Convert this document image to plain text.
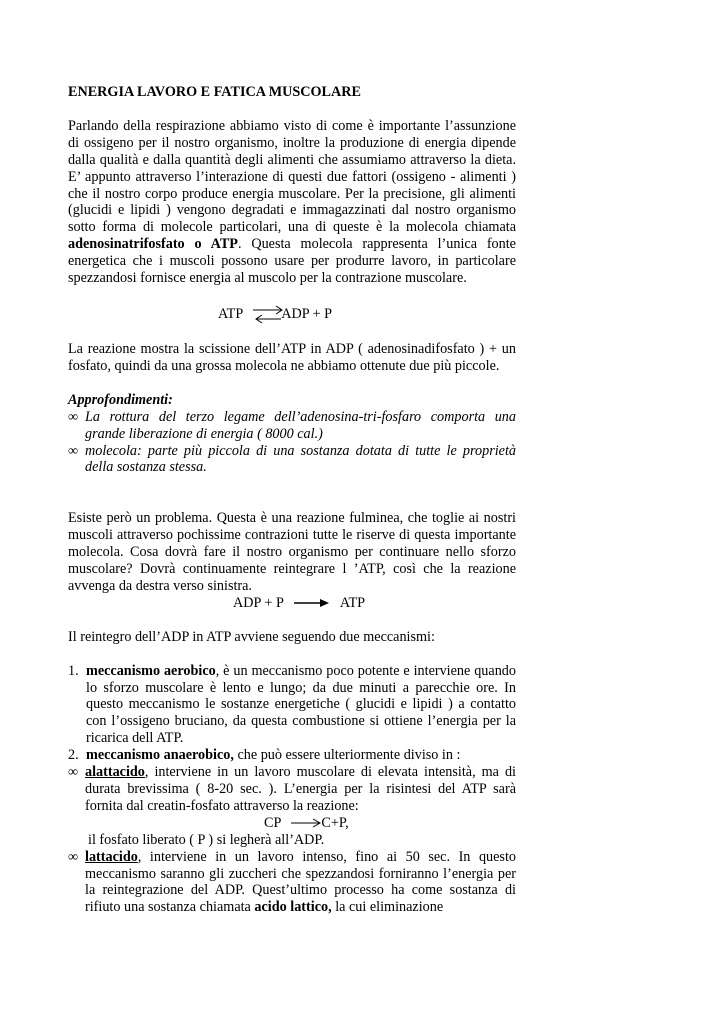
ENERGIA LAVORO E FATICA MUSCOLARE

Parlando della respirazione abbiamo visto di come è importante l’assunzione di ossigeno per il nostro organismo, inoltre la produzione di energia dipende dalla qualità e dalla quantità degli alimenti che assumiamo attraverso la dieta. E’ appunto attraverso l’interazione di questi due fattori (ossigeno - alimenti ) che il nostro corpo produce energia muscolare. Per la precisione, gli alimenti (glucidi e lipidi ) vengono degradati e immagazzinati dal nostro organismo sotto forma di molecole particolari, una di queste è la molecola chiamata adenosinatrifosfato o ATP. Questa molecola rappresenta l’unica fonte energetica che i muscoli possono usare per produrre lavoro, in particolare spezzandosi fornisce energia al muscolo per la contrazione muscolare.

ATP ⇌
ADP + P

La reazione mostra la scissione dell’ATP in ADP ( adenosinadifosfato ) + un fosfato, quindi da una grossa molecola ne abbiamo ottenute due più piccole.

Approfondimenti:

∞ La rottura del terzo legame dell’adenosina-tri-fosfaro comporta una grande liberazione di energia ( 8000 cal.)
∞ molecola: parte più piccola di una sostanza dotata di tutte le proprietà della sostanza stessa.

Esiste però un problema. Questa è una reazione fulminea, che toglie ai nostri muscoli attraverso pochissime contrazioni tutte le riserve di questa importante molecola. Cosa dovrà fare il nostro organismo per continuare nello sforzo muscolare? Dovrà continuamente reintegrare l ’ATP, così che la reazione avvenga da destra verso sinistra.

ADP + P	ATP

Il reintegro dell’ADP in ATP avviene seguendo due meccanismi:

1. meccanismo aerobico, è un meccanismo poco potente e interviene quando lo sforzo muscolare è lento e lungo; da due minuti a parecchie ore. In questo meccanismo le sostanze energetiche ( glucidi e lipidi ) a contatto con l’ossigeno bruciano, da questa combustione si ottiene l’energia per la ricarica dell ATP.
2. meccanismo anaerobico, che può essere ulteriormente diviso in :
∞ alattacido, interviene in un lavoro muscolare di elevata intensità, ma di durata brevissima ( 8-20 sec. ). L’energia per la risintesi del ATP sarà fornita dal creatin-fosfato attraverso la reazione:
CP	C+P,

il fosfato liberato ( P ) si legherà all’ADP.

∞ lattacido, interviene in un lavoro intenso, fino ai 50 sec. In questo meccanismo saranno gli zuccheri che spezzandosi forniranno l’energia per la reintegrazione del ADP. Quest’ultimo processo ha come sostanza di rifiuto una sostanza chiamata acido lattico, la cui eliminazione
